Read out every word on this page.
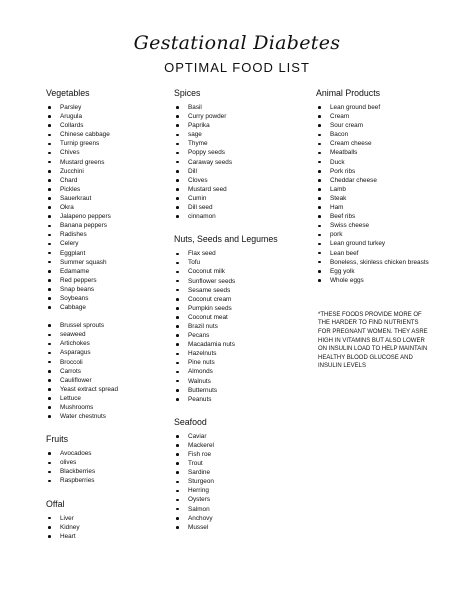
Gestational Diabetes
OPTIMAL FOOD LIST
Vegetables
Parsley
Arugula
Collards
Chinese cabbage
Turnip greens
Chives
Mustard greens
Zucchini
Chard
Pickles
Sauerkraut
Okra
Jalapeno peppers
Banana peppers
Radishes
Celery
Eggplant
Summer squash
Edamame
Red peppers
Snap beans
Soybeans
Cabbage
Brussel sprouts
seaweed
Artichokes
Asparagus
Broccoli
Carrots
Cauliflower
Yeast extract spread
Lettuce
Mushrooms
Water chestnuts
Fruits
Avocadoes
olives
Blackberries
Raspberries
Offal
Liver
Kidney
Heart
Spices
Basil
Curry powder
Paprika
sage
Thyme
Poppy seeds
Caraway seeds
Dill
Cloves
Mustard seed
Cumin
Dill seed
cinnamon
Nuts, Seeds and Legumes
Flax seed
Tofu
Coconut milk
Sunflower seeds
Sesame seeds
Coconut cream
Pumpkin seeds
Coconut meat
Brazil nuts
Pecans
Macadamia nuts
Hazelnuts
Pine nuts
Almonds
Walnuts
Butternuts
Peanuts
Seafood
Caviar
Mackerel
Fish roe
Trout
Sardine
Sturgeon
Herring
Oysters
Salmon
Anchovy
Mussel
Animal Products
Lean ground beef
Cream
Sour cream
Bacon
Cream cheese
Meatballs
Duck
Pork ribs
Cheddar cheese
Lamb
Steak
Ham
Beef ribs
Swiss cheese
pork
Lean ground turkey
Lean beef
Boneless, skinless chicken breasts
Egg yolk
Whole eggs
*THESE FOODS PROVIDE MORE OF THE HARDER TO FIND NUTRIENTS FOR PREGNANT WOMEN. THEY ASRE HIGH IN VITAMINS BUT ALSO LOWER ON INSULIN LOAD TO HELP MAINTAIN HEALTHY BLOOD GLUCOSE AND INSULIN LEVELS
